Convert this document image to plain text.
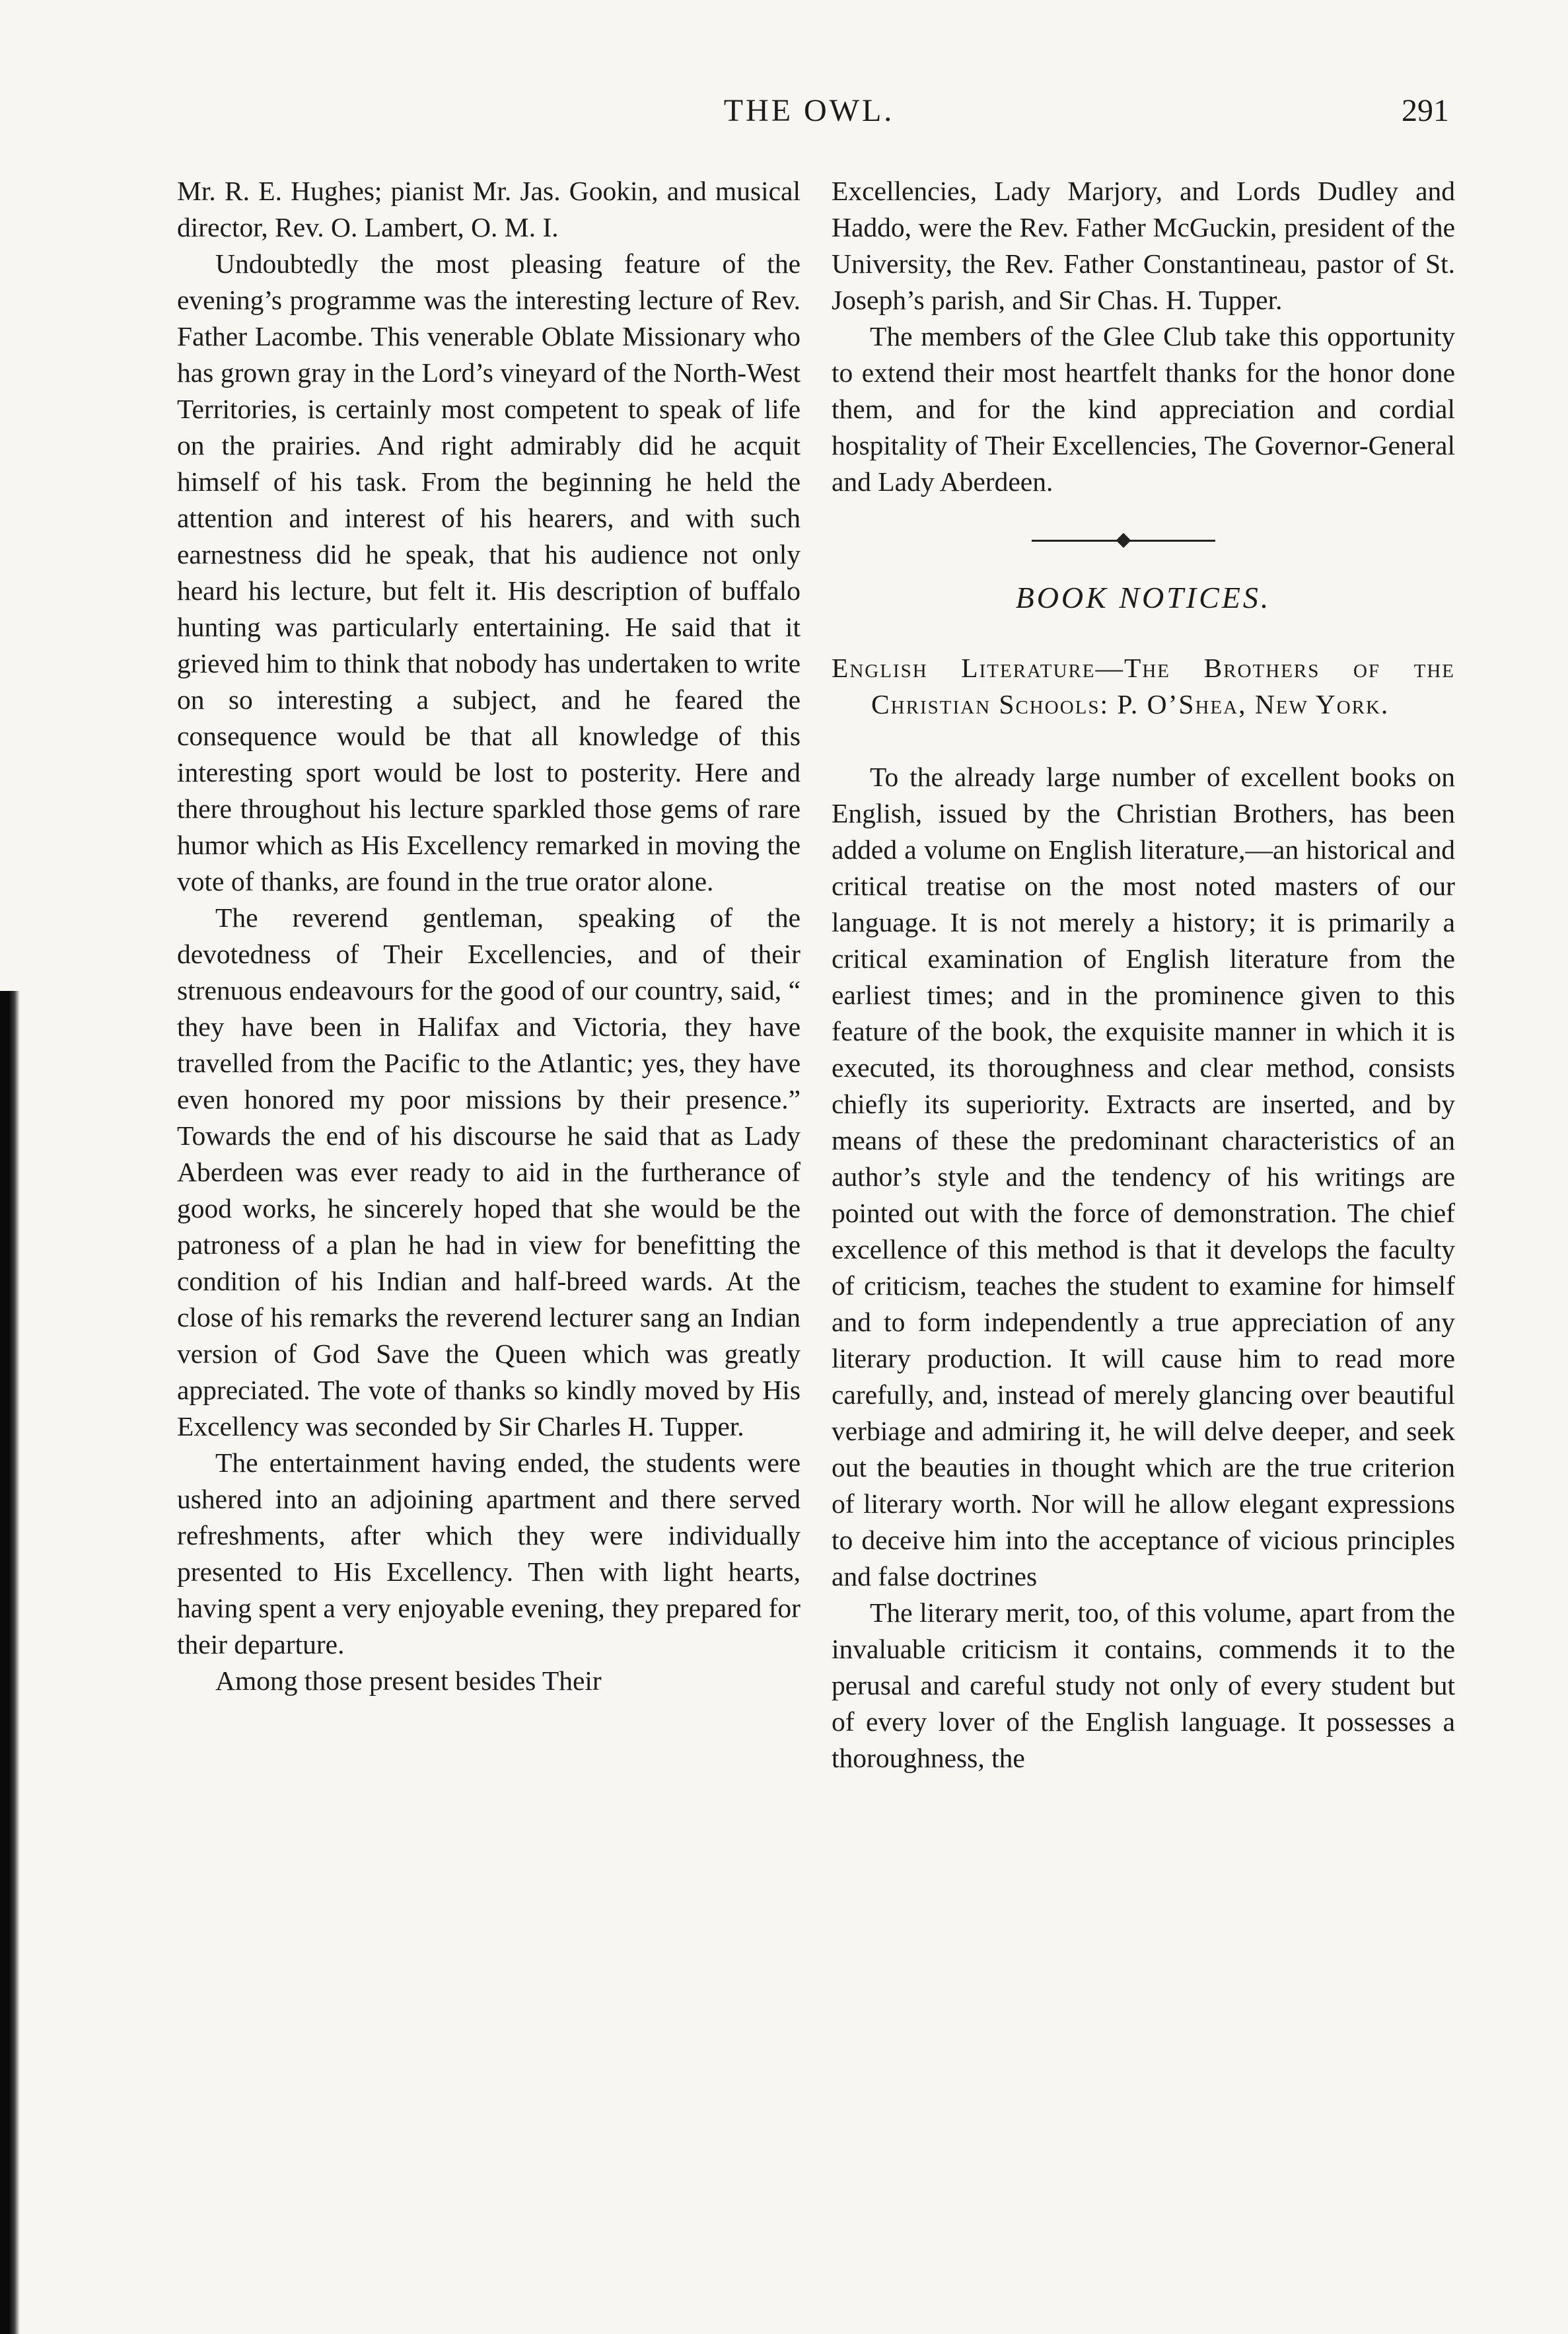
THE OWL.	291

Mr. R. E. Hughes; pianist Mr. Jas. Gookin, and musical director, Rev. O. Lambert, O. M. I.

Undoubtedly the most pleasing feature of the evening’s programme was the interesting lecture of Rev. Father Lacombe. This venerable Oblate Missionary who has grown gray in the Lord’s vineyard of the North-West Territories, is certainly most competent to speak of life on the prairies. And right admirably did he acquit himself of his task. From the beginning he held the attention and interest of his hearers, and with such earnestness did he speak, that his audience not only heard his lecture, but felt it. His description of buffalo hunting was particularly entertaining. He said that it grieved him to think that nobody has undertaken to write on so interesting a subject, and he feared the consequence would be that all knowledge of this interesting sport would be lost to posterity. Here and there throughout his lecture sparkled those gems of rare humor which as His Excellency remarked in moving the vote of thanks, are found in the true orator alone.

The reverend gentleman, speaking of the devotedness of Their Excellencies, and of their strenuous endeavours for the good of our country, said, “ they have been in Halifax and Victoria, they have travelled from the Pacific to the Atlantic; yes, they have even honored my poor missions by their presence.” Towards the end of his discourse he said that as Lady Aberdeen was ever ready to aid in the furtherance of good works, he sincerely hoped that she would be the patroness of a plan he had in view for benefitting the condition of his Indian and half-breed wards. At the close of his remarks the reverend lecturer sang an Indian version of God Save the Queen which was greatly appreciated. The vote of thanks so kindly moved by His Excellency was seconded by Sir Charles H. Tupper.

The entertainment having ended, the students were ushered into an adjoining apartment and there served refreshments, after which they were individually presented to His Excellency. Then with light hearts, having spent a very enjoyable evening, they prepared for their departure.

Among those present besides Their

Excellencies, Lady Marjory, and Lords Dudley and Haddo, were the Rev. Father McGuckin, president of the University, the Rev. Father Constantineau, pastor of St. Joseph’s parish, and Sir Chas. H. Tupper.

The members of the Glee Club take this opportunity to extend their most heartfelt thanks for the honor done them, and for the kind appreciation and cordial hospitality of Their Excellencies, The Governor-General and Lady Aberdeen.

BOOK NOTICES.

English Literature—The Brothers of the Christian Schools: P. O’Shea, New York.

To the already large number of excellent books on English, issued by the Christian Brothers, has been added a volume on English literature,—an historical and critical treatise on the most noted masters of our language. It is not merely a history; it is primarily a critical examination of English literature from the earliest times; and in the prominence given to this feature of the book, the exquisite manner in which it is executed, its thoroughness and clear method, consists chiefly its superiority. Extracts are inserted, and by means of these the predominant characteristics of an author’s style and the tendency of his writings are pointed out with the force of demonstration. The chief excellence of this method is that it develops the faculty of criticism, teaches the student to examine for himself and to form independently a true appreciation of any literary production. It will cause him to read more carefully, and, instead of merely glancing over beautiful verbiage and admiring it, he will delve deeper, and seek out the beauties in thought which are the true criterion of literary worth. Nor will he allow elegant expressions to deceive him into the acceptance of vicious principles and false doctrines

The literary merit, too, of this volume, apart from the invaluable criticism it contains, commends it to the perusal and careful study not only of every student but of every lover of the English language. It possesses a thoroughness, the
